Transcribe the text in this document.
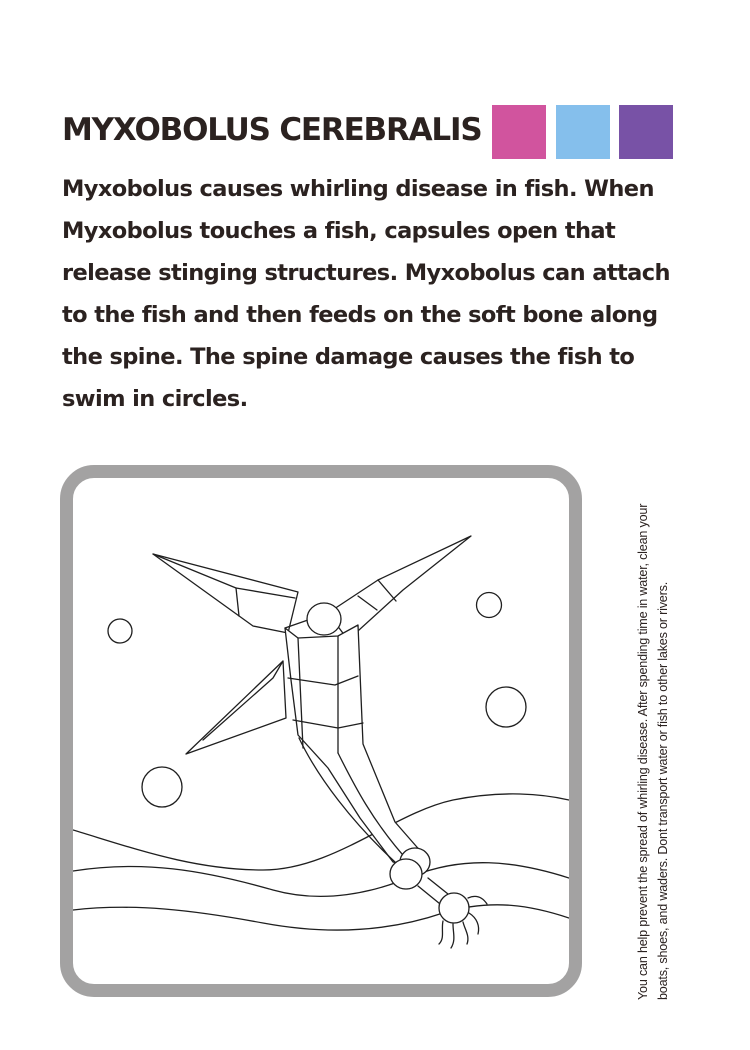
MYXOBOLUS CEREBRALIS

Myxobolus causes whirling disease in fish. When Myxobolus touches a fish, capsules open that release stinging structures. Myxobolus can attach to the fish and then feeds on the soft bone along the spine. The spine damage causes the fish to swim in circles.

You can help prevent the spread of whirling disease. After spending time in water, clean your boats, shoes, and waders. Dont transport water or fish to other lakes or rivers.
